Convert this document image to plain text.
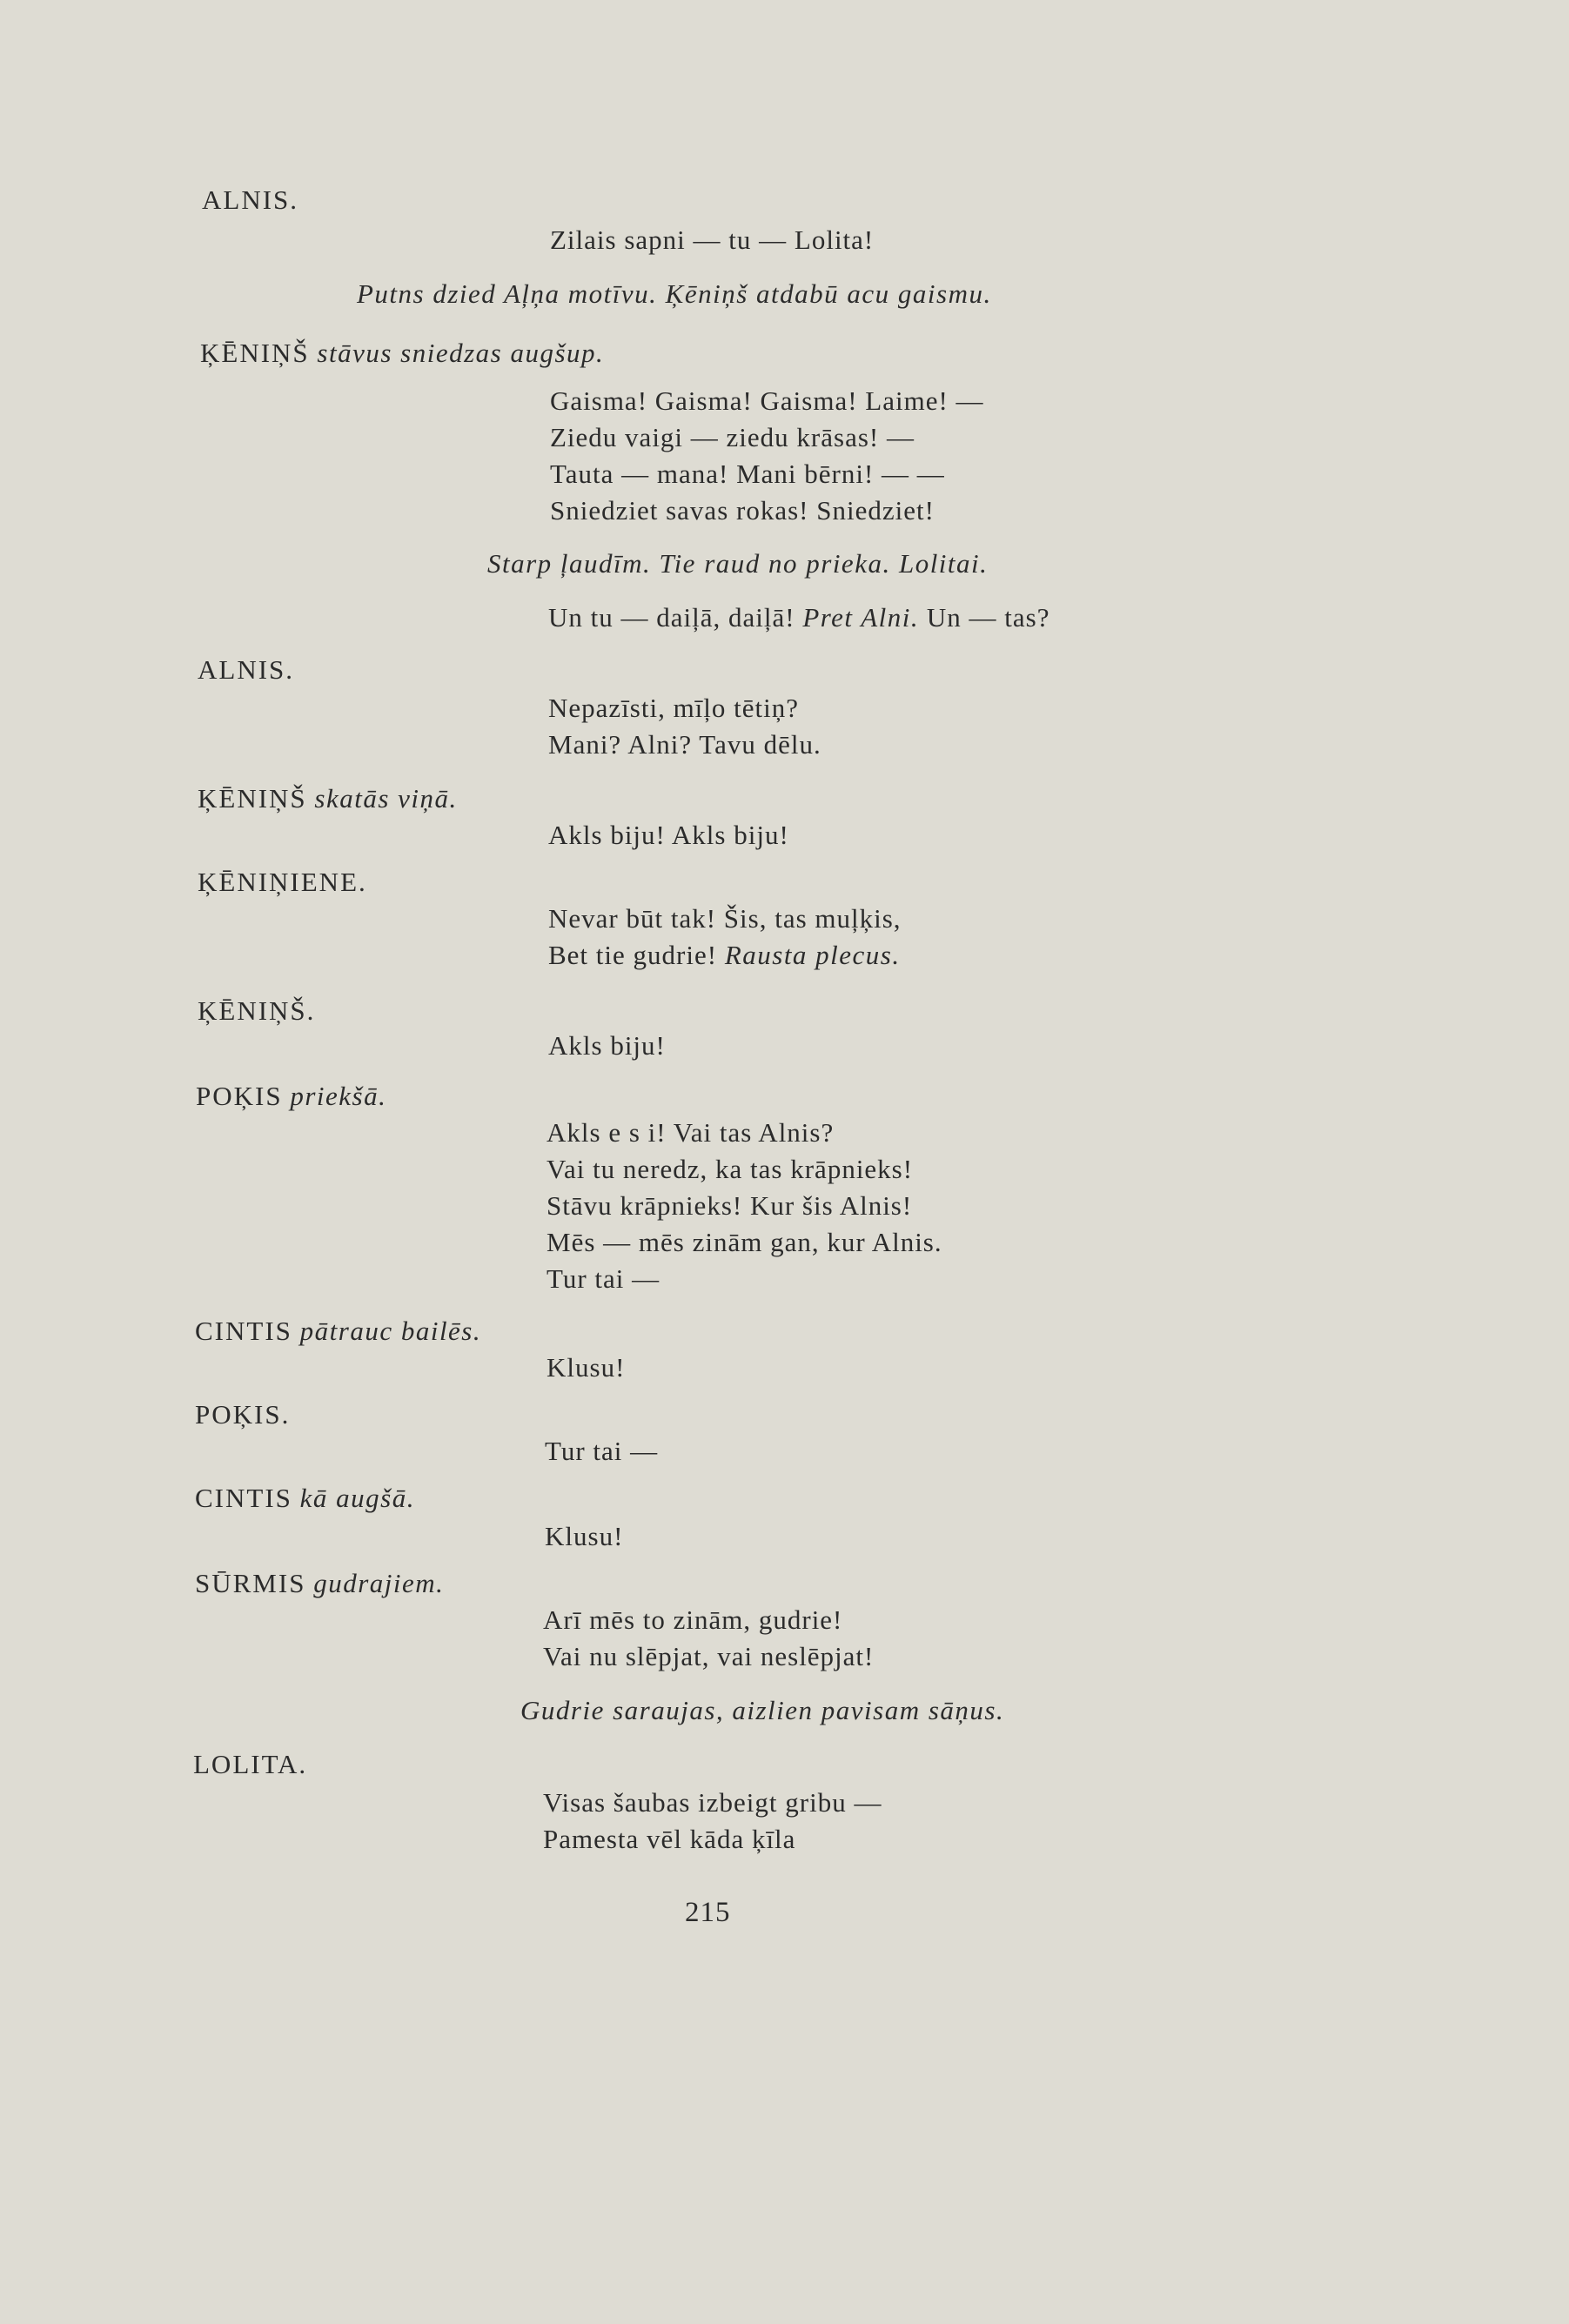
ALNIS.
Zilais sapni — tu — Lolita!
Putns dzied Aļņa motīvu. Ķēniņš atdabū acu gaismu.
ĶĒNIŅŠ stāvus sniedzas augšup.
Gaisma! Gaisma! Gaisma! Laime! —
Ziedu vaigi — ziedu krāsas! —
Tauta — mana! Mani bērni! — —
Sniedziet savas rokas! Sniedziet!
Starp ļaudīm. Tie raud no prieka. Lolitai.
Un tu — daiļā, daiļā! Pret Alni. Un — tas?
ALNIS.
Nepazīsti, mīļo tētiņ?
Mani? Alni? Tavu dēlu.
ĶĒNIŅŠ skatās viņā.
Akls biju! Akls biju!
ĶĒNIŅIENE.
Nevar būt tak! Šis, tas muļķis,
Bet tie gudrie! Rausta plecus.
ĶĒNIŅŠ.
Akls biju!
POĶIS priekšā.
Akls e s i! Vai tas Alnis?
Vai tu neredz, ka tas krāpnieks!
Stāvu krāpnieks! Kur šis Alnis!
Mēs — mēs zinām gan, kur Alnis.
Tur tai —
CINTIS pātrauc bailēs.
Klusu!
POĶIS.
Tur tai —
CINTIS kā augšā.
Klusu!
SŪRMIS gudrajiem.
Arī mēs to zinām, gudrie!
Vai nu slēpjat, vai neslēpjat!
Gudrie saraujas, aizlien pavisam sāņus.
LOLITA.
Visas šaubas izbeigt gribu —
Pamesta vēl kāda ķīla
215
